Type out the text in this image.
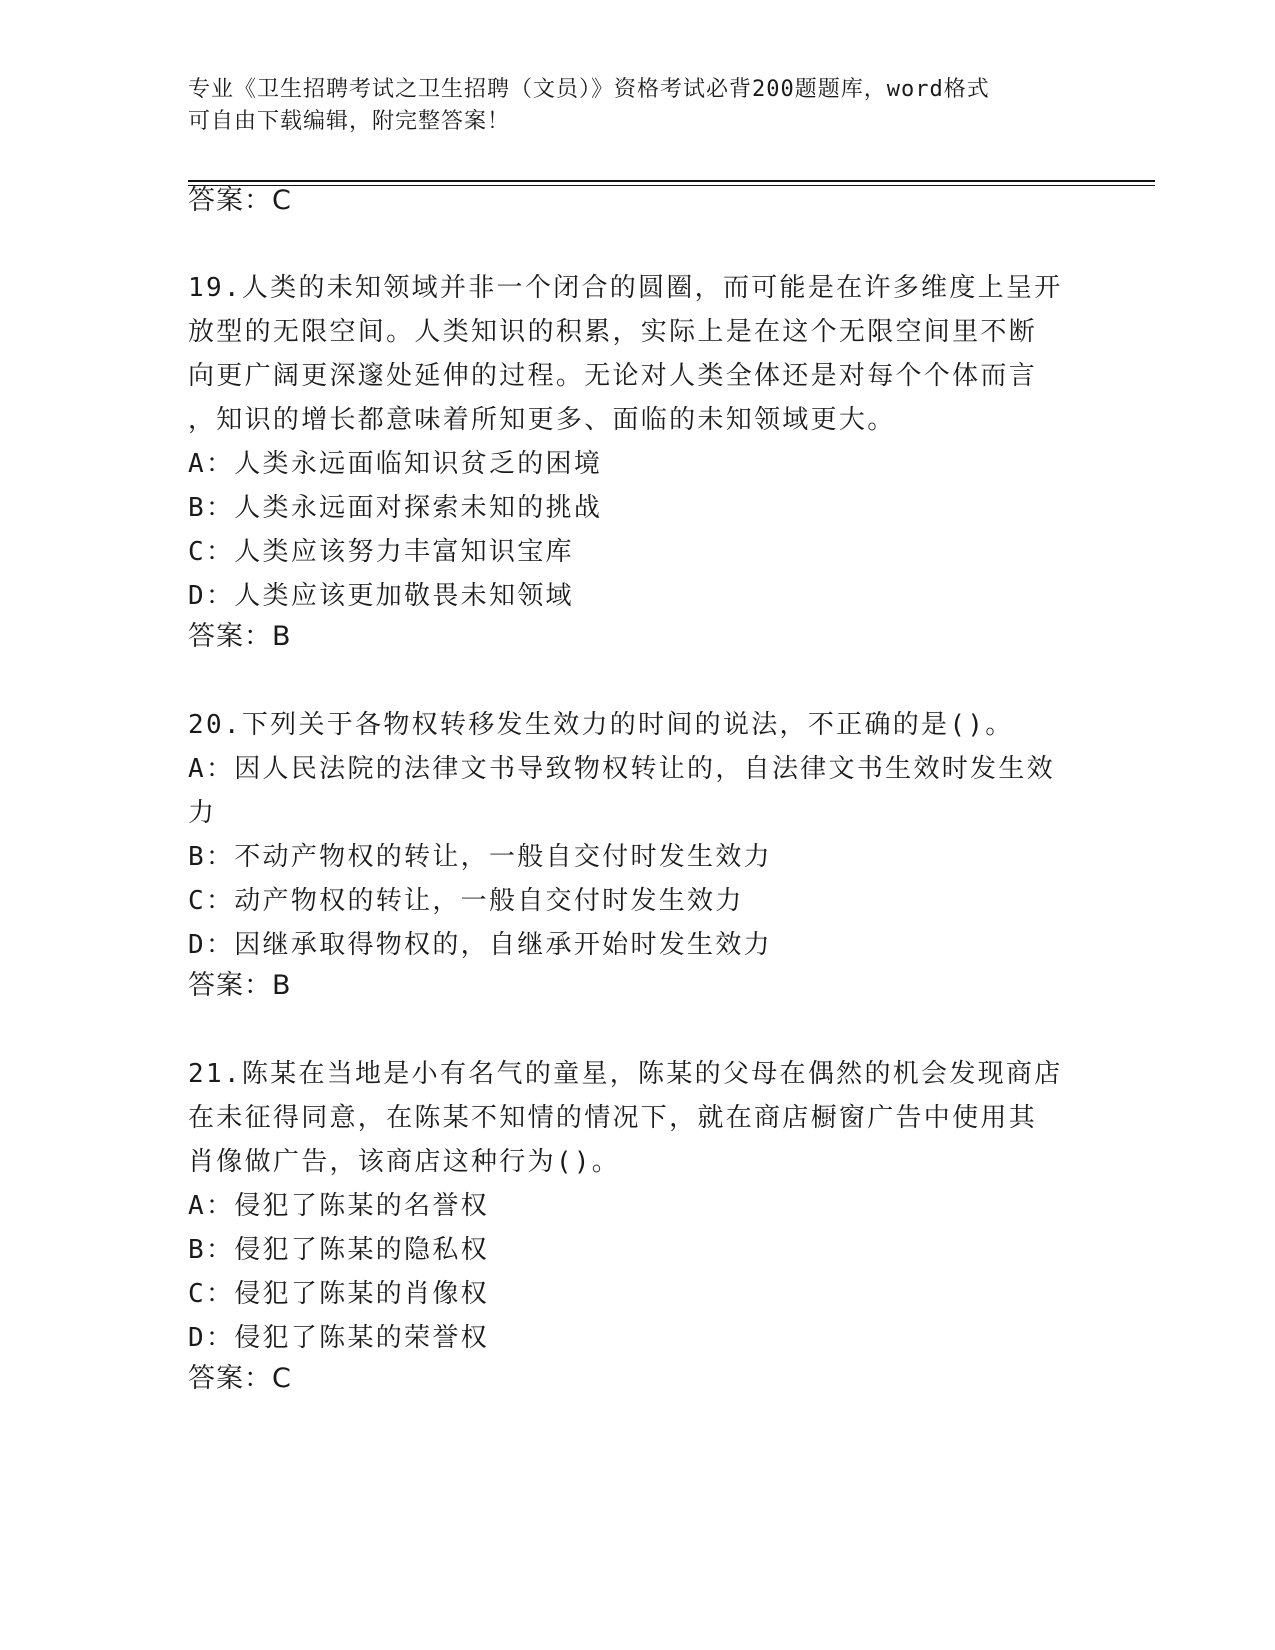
专业《卫生招聘考试之卫生招聘（文员）》资格考试必背200题题库，word格式
可自由下载编辑，附完整答案！
答案：C
19.人类的未知领域并非一个闭合的圆圈，而可能是在许多维度上呈开
放型的无限空间。人类知识的积累，实际上是在这个无限空间里不断
向更广阔更深邃处延伸的过程。无论对人类全体还是对每个个体而言
，知识的增长都意味着所知更多、面临的未知领域更大。
A：人类永远面临知识贫乏的困境
B：人类永远面对探索未知的挑战
C：人类应该努力丰富知识宝库
D：人类应该更加敬畏未知领域
答案：B
20.下列关于各物权转移发生效力的时间的说法，不正确的是()。
A：因人民法院的法律文书导致物权转让的，自法律文书生效时发生效
力
B：不动产物权的转让，一般自交付时发生效力
C：动产物权的转让，一般自交付时发生效力
D：因继承取得物权的，自继承开始时发生效力
答案：B
21.陈某在当地是小有名气的童星，陈某的父母在偶然的机会发现商店
在未征得同意，在陈某不知情的情况下，就在商店橱窗广告中使用其
肖像做广告，该商店这种行为()。
A：侵犯了陈某的名誉权
B：侵犯了陈某的隐私权
C：侵犯了陈某的肖像权
D：侵犯了陈某的荣誉权
答案：C
